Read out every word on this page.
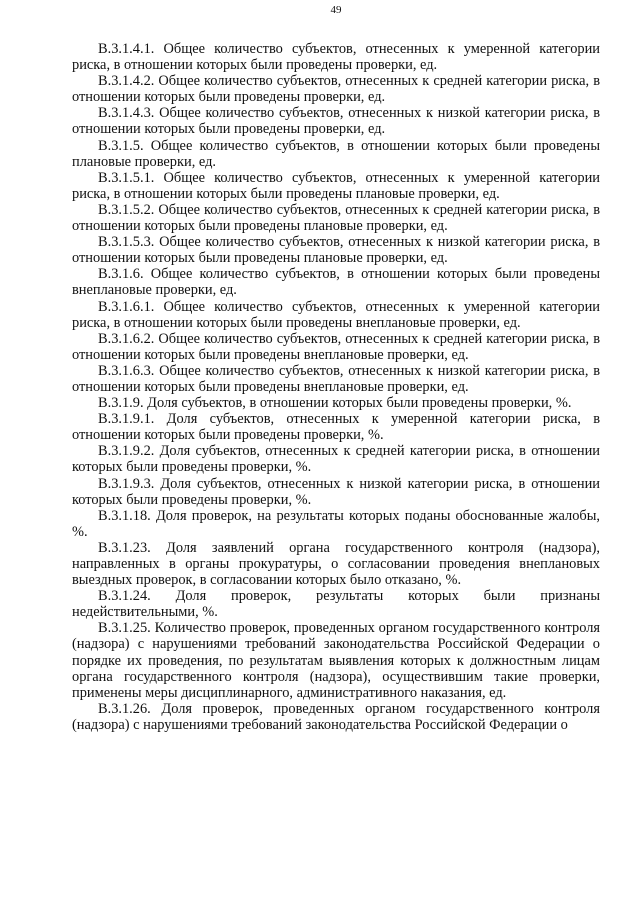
49

В.3.1.4.1. Общее количество субъектов, отнесенных к умеренной категории риска, в отношении которых были проведены проверки, ед.

В.3.1.4.2. Общее количество субъектов, отнесенных к средней категории риска, в отношении которых были проведены проверки, ед.

В.3.1.4.3. Общее количество субъектов, отнесенных к низкой категории риска, в отношении которых были проведены проверки, ед.

В.3.1.5. Общее количество субъектов, в отношении которых были проведены плановые проверки, ед.

В.3.1.5.1. Общее количество субъектов, отнесенных к умеренной категории риска, в отношении которых были проведены плановые проверки, ед.

В.3.1.5.2. Общее количество субъектов, отнесенных к средней категории риска, в отношении которых были проведены плановые проверки, ед.

В.3.1.5.3. Общее количество субъектов, отнесенных к низкой категории риска, в отношении которых были проведены плановые проверки, ед.

В.3.1.6. Общее количество субъектов, в отношении которых были проведены внеплановые проверки, ед.

В.3.1.6.1. Общее количество субъектов, отнесенных к умеренной категории риска, в отношении которых были проведены внеплановые проверки, ед.

В.3.1.6.2. Общее количество субъектов, отнесенных к средней категории риска, в отношении которых были проведены внеплановые проверки, ед.

В.3.1.6.3. Общее количество субъектов, отнесенных к низкой категории риска, в отношении которых были проведены внеплановые проверки, ед.

В.3.1.9. Доля субъектов, в отношении которых были проведены проверки, %.

В.3.1.9.1. Доля субъектов, отнесенных к умеренной категории риска, в отношении которых были проведены проверки, %.

В.3.1.9.2. Доля субъектов, отнесенных к средней категории риска, в отношении которых были проведены проверки, %.

В.3.1.9.3. Доля субъектов, отнесенных к низкой категории риска, в отношении которых были проведены проверки, %.

В.3.1.18. Доля проверок, на результаты которых поданы обоснованные жалобы, %.

В.3.1.23. Доля заявлений органа государственного контроля (надзора), направленных в органы прокуратуры, о согласовании проведения внеплановых выездных проверок, в согласовании которых было отказано, %.

В.3.1.24. Доля проверок, результаты которых были признаны недействительными, %.

В.3.1.25. Количество проверок, проведенных органом государственного контроля (надзора) с нарушениями требований законодательства Российской Федерации о порядке их проведения, по результатам выявления которых к должностным лицам органа государственного контроля (надзора), осуществившим такие проверки, применены меры дисциплинарного, административного наказания, ед.

В.3.1.26. Доля проверок, проведенных органом государственного контроля (надзора) с нарушениями требований законодательства Российской Федерации о
